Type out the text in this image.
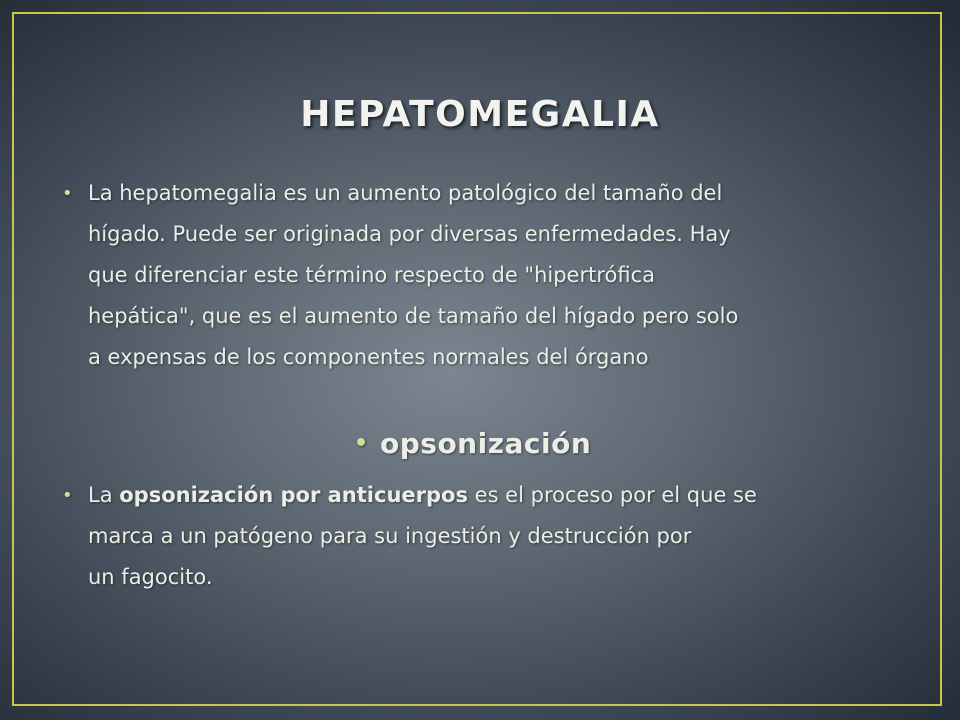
HEPATOMEGALIA
• La hepatomegalia es un aumento patológico del tamaño del
hígado. Puede ser originada por diversas enfermedades. Hay
que diferenciar este término respecto de "hipertrófica
hepática", que es el aumento de tamaño del hígado pero solo
a expensas de los componentes normales del órgano
• opsonización
• La opsonización por anticuerpos es el proceso por el que se
marca a un patógeno para su ingestión y destrucción por
un fagocito.
